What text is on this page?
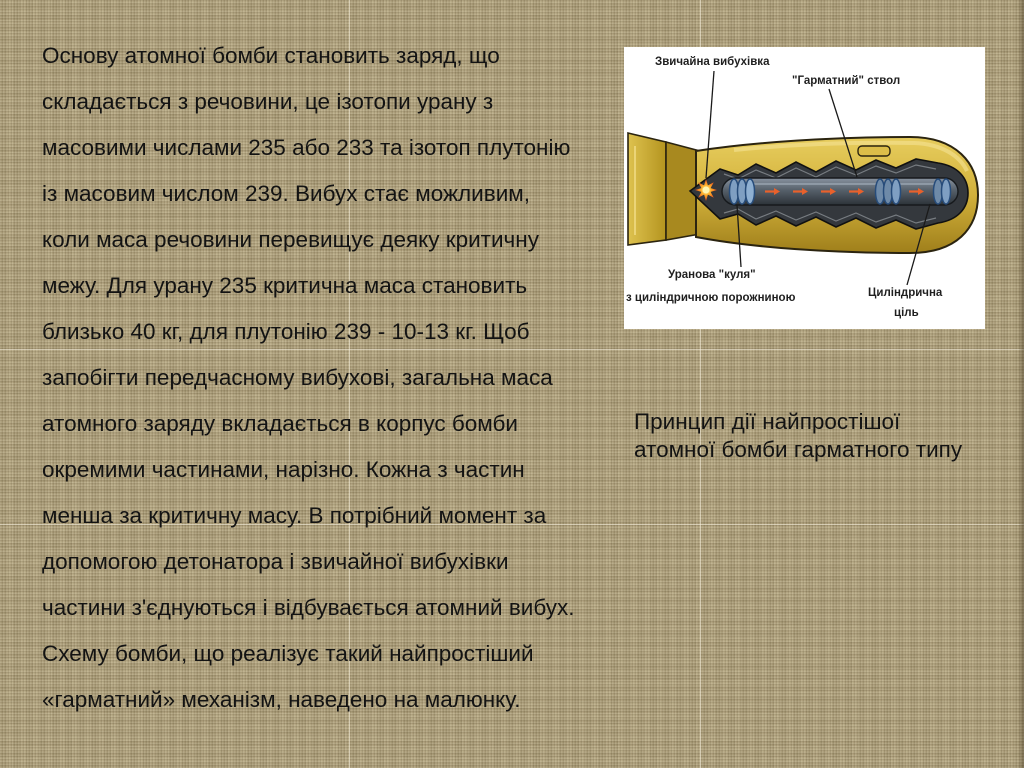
Основу атомної бомби становить заряд, що
складається з речовини, це ізотопи урану з
масовими числами 235 або 233 та ізотоп плутонію
із масовим числом 239. Вибух стає можливим,
коли маса речовини перевищує деяку критичну
межу. Для урану 235 критична маса становить
близько 40 кг, для плутонію 239 - 10-13 кг. Щоб
запобігти передчасному вибухові, загальна маса
атомного заряду вкладається в корпус бомби
окремими частинами, нарізно. Кожна з частин
менша за критичну масу. В потрібний момент за
допомогою детонатора і звичайної вибухівки
частини з'єднуються і відбувається атомний вибух.
Схему бомби, що реалізує такий найпростіший
«гарматний» механізм, наведено на малюнку.
Звичайна вибухівка
"Гарматний" ствол
Уранова "куля"
з циліндричною порожниною	Циліндрична
ціль
Принцип дії найпростішої
атомної бомби гарматного типу
